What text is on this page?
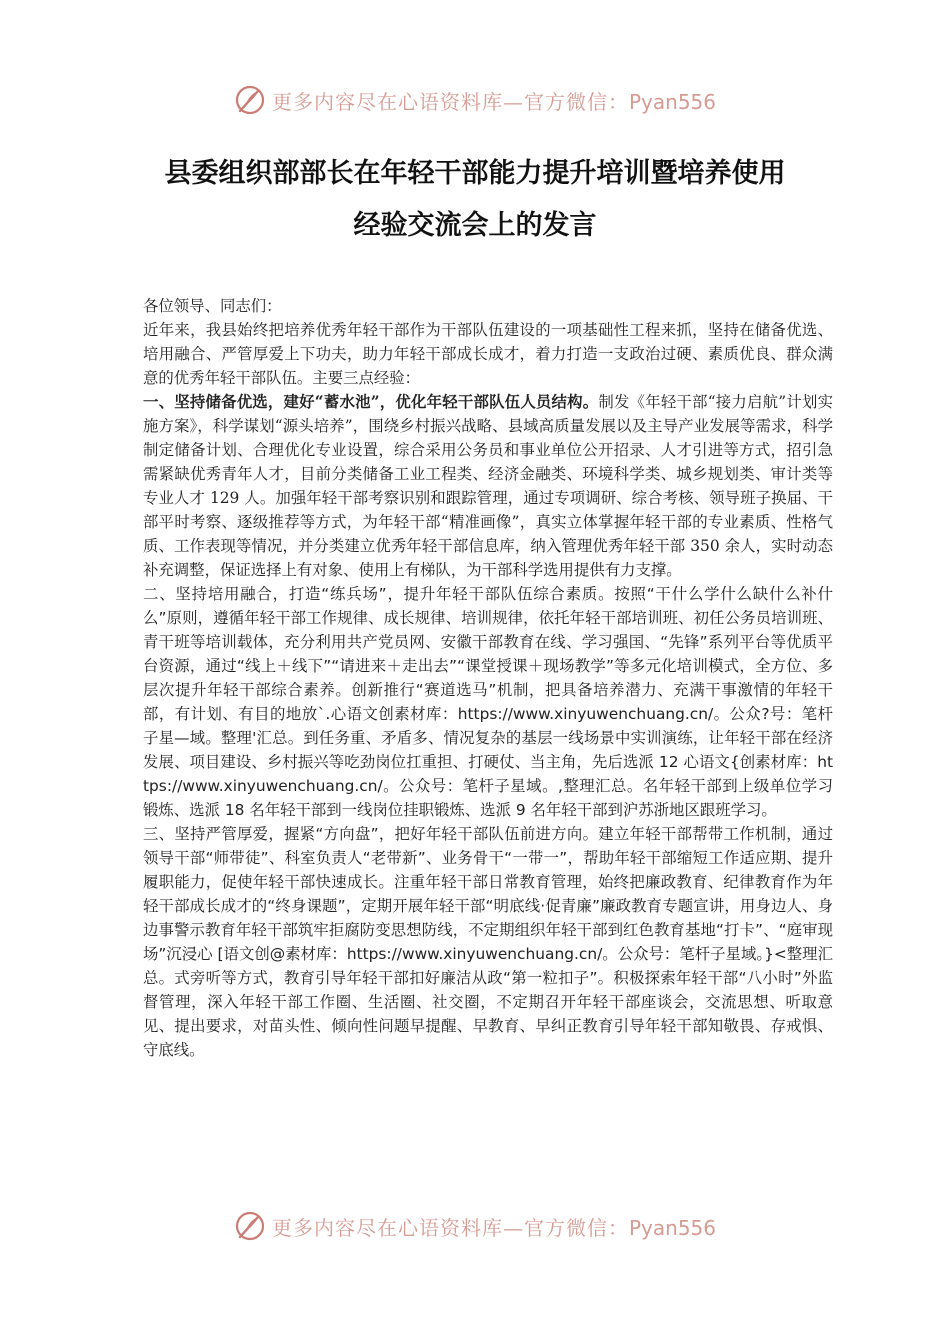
更多内容尽在心语资料库—官方微信：Pyan556
县委组织部部长在年轻干部能力提升培训暨培养使用
经验交流会上的发言

各位领导、同志们：

近年来，我县始终把培养优秀年轻干部作为干部队伍建设的一项基础性工程来抓，坚持在储备优选、培用融合、严管厚爱上下功夫，助力年轻干部成长成才，着力打造一支政治过硬、素质优良、群众满意的优秀年轻干部队伍。主要三点经验：

一、坚持储备优选，建好“蓄水池”，优化年轻干部队伍人员结构。制发《年轻干部“接力启航”计划实施方案》，科学谋划“源头培养”，围绕乡村振兴战略、县域高质量发展以及主导产业发展等需求，科学制定储备计划、合理优化专业设置，综合采用公务员和事业单位公开招录、人才引进等方式，招引急需紧缺优秀青年人才，目前分类储备工业工程类、经济金融类、环境科学类、城乡规划类、审计类等专业人才 129 人。加强年轻干部考察识别和跟踪管理，通过专项调研、综合考核、领导班子换届、干部平时考察、逐级推荐等方式，为年轻干部“精准画像”，真实立体掌握年轻干部的专业素质、性格气质、工作表现等情况，并分类建立优秀年轻干部信息库，纳入管理优秀年轻干部 350 余人，实时动态补充调整，保证选择上有对象、使用上有梯队，为干部科学选用提供有力支撑。

二、坚持培用融合，打造“练兵场”，提升年轻干部队伍综合素质。按照“干什么学什么缺什么补什么”原则，遵循年轻干部工作规律、成长规律、培训规律，依托年轻干部培训班、初任公务员培训班、青干班等培训载体，充分利用共产党员网、安徽干部教育在线、学习强国、“先锋”系列平台等优质平台资源，通过“线上＋线下”“请进来＋走出去”“课堂授课＋现场教学”等多元化培训模式，全方位、多层次提升年轻干部综合素养。创新推行“赛道选马”机制，把具备培养潜力、充满干事激情的年轻干部，有计划、有目的地放`.心语文创素材库：https://www.xinyuwenchuang.cn/。公众?号：笔杆子星—域。整理'汇总。到任务重、矛盾多、情况复杂的基层一线场景中实训演练，让年轻干部在经济发展、项目建设、乡村振兴等吃劲岗位扛重担、打硬仗、当主角，先后选派 12 心语文{创素材库：https://www.xinyuwenchuang.cn/。公众号：笔杆子星域。,整理汇总。名年轻干部到上级单位学习锻炼、选派 18 名年轻干部到一线岗位挂职锻炼、选派 9 名年轻干部到沪苏浙地区跟班学习。

三、坚持严管厚爱，握紧“方向盘”，把好年轻干部队伍前进方向。建立年轻干部帮带工作机制，通过领导干部“师带徒”、科室负责人“老带新”、业务骨干“一带一”，帮助年轻干部缩短工作适应期、提升履职能力，促使年轻干部快速成长。注重年轻干部日常教育管理，始终把廉政教育、纪律教育作为年轻干部成长成才的“终身课题”，定期开展年轻干部“明底线·促青廉”廉政教育专题宣讲，用身边人、身边事警示教育年轻干部筑牢拒腐防变思想防线，不定期组织年轻干部到红色教育基地“打卡”、“庭审现场”沉浸心 [语文创@素材库：https://www.xinyuwenchuang.cn/。公众号：笔杆子星域。}<整理汇总。式旁听等方式，教育引导年轻干部扣好廉洁从政“第一粒扣子”。积极探索年轻干部“八小时”外监督管理，深入年轻干部工作圈、生活圈、社交圈，不定期召开年轻干部座谈会，交流思想、听取意见、提出要求，对苗头性、倾向性问题早提醒、早教育、早纠正教育引导年轻干部知敬畏、存戒惧、守底线。

更多内容尽在心语资料库—官方微信：Pyan556
